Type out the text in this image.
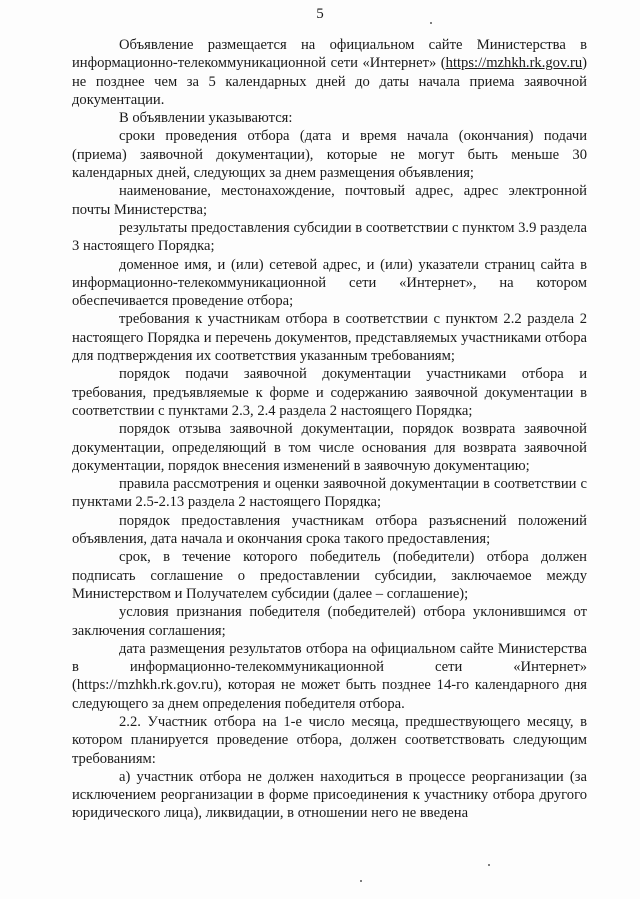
5

Объявление размещается на официальном сайте Министерства в информационно-телекоммуникационной сети «Интернет» (https://mzhkh.rk.gov.ru) не позднее чем за 5 календарных дней до даты начала приема заявочной документации.

В объявлении указываются:

сроки проведения отбора (дата и время начала (окончания) подачи (приема) заявочной документации), которые не могут быть меньше 30 календарных дней, следующих за днем размещения объявления;

наименование, местонахождение, почтовый адрес, адрес электронной почты Министерства;

результаты предоставления субсидии в соответствии с пунктом 3.9 раздела 3 настоящего Порядка;

доменное имя, и (или) сетевой адрес, и (или) указатели страниц сайта в информационно-телекоммуникационной сети «Интернет», на котором обеспечивается проведение отбора;

требования к участникам отбора в соответствии с пунктом 2.2 раздела 2 настоящего Порядка и перечень документов, представляемых участниками отбора для подтверждения их соответствия указанным требованиям;

порядок подачи заявочной документации участниками отбора и требования, предъявляемые к форме и содержанию заявочной документации в соответствии с пунктами 2.3, 2.4 раздела 2 настоящего Порядка;

порядок отзыва заявочной документации, порядок возврата заявочной документации, определяющий в том числе основания для возврата заявочной документации, порядок внесения изменений в заявочную документацию;

правила рассмотрения и оценки заявочной документации в соответствии с пунктами 2.5-2.13 раздела 2 настоящего Порядка;

порядок предоставления участникам отбора разъяснений положений объявления, дата начала и окончания срока такого предоставления;

срок, в течение которого победитель (победители) отбора должен подписать соглашение о предоставлении субсидии, заключаемое между Министерством и Получателем субсидии (далее – соглашение);

условия признания победителя (победителей) отбора уклонившимся от заключения соглашения;

дата размещения результатов отбора на официальном сайте Министерства в информационно-телекоммуникационной сети «Интернет» (https://mzhkh.rk.gov.ru), которая не может быть позднее 14-го календарного дня следующего за днем определения победителя отбора.

2.2. Участник отбора на 1-е число месяца, предшествующего месяцу, в котором планируется проведение отбора, должен соответствовать следующим требованиям:

а) участник отбора не должен находиться в процессе реорганизации (за исключением реорганизации в форме присоединения к участнику отбора другого юридического лица), ликвидации, в отношении него не введена
